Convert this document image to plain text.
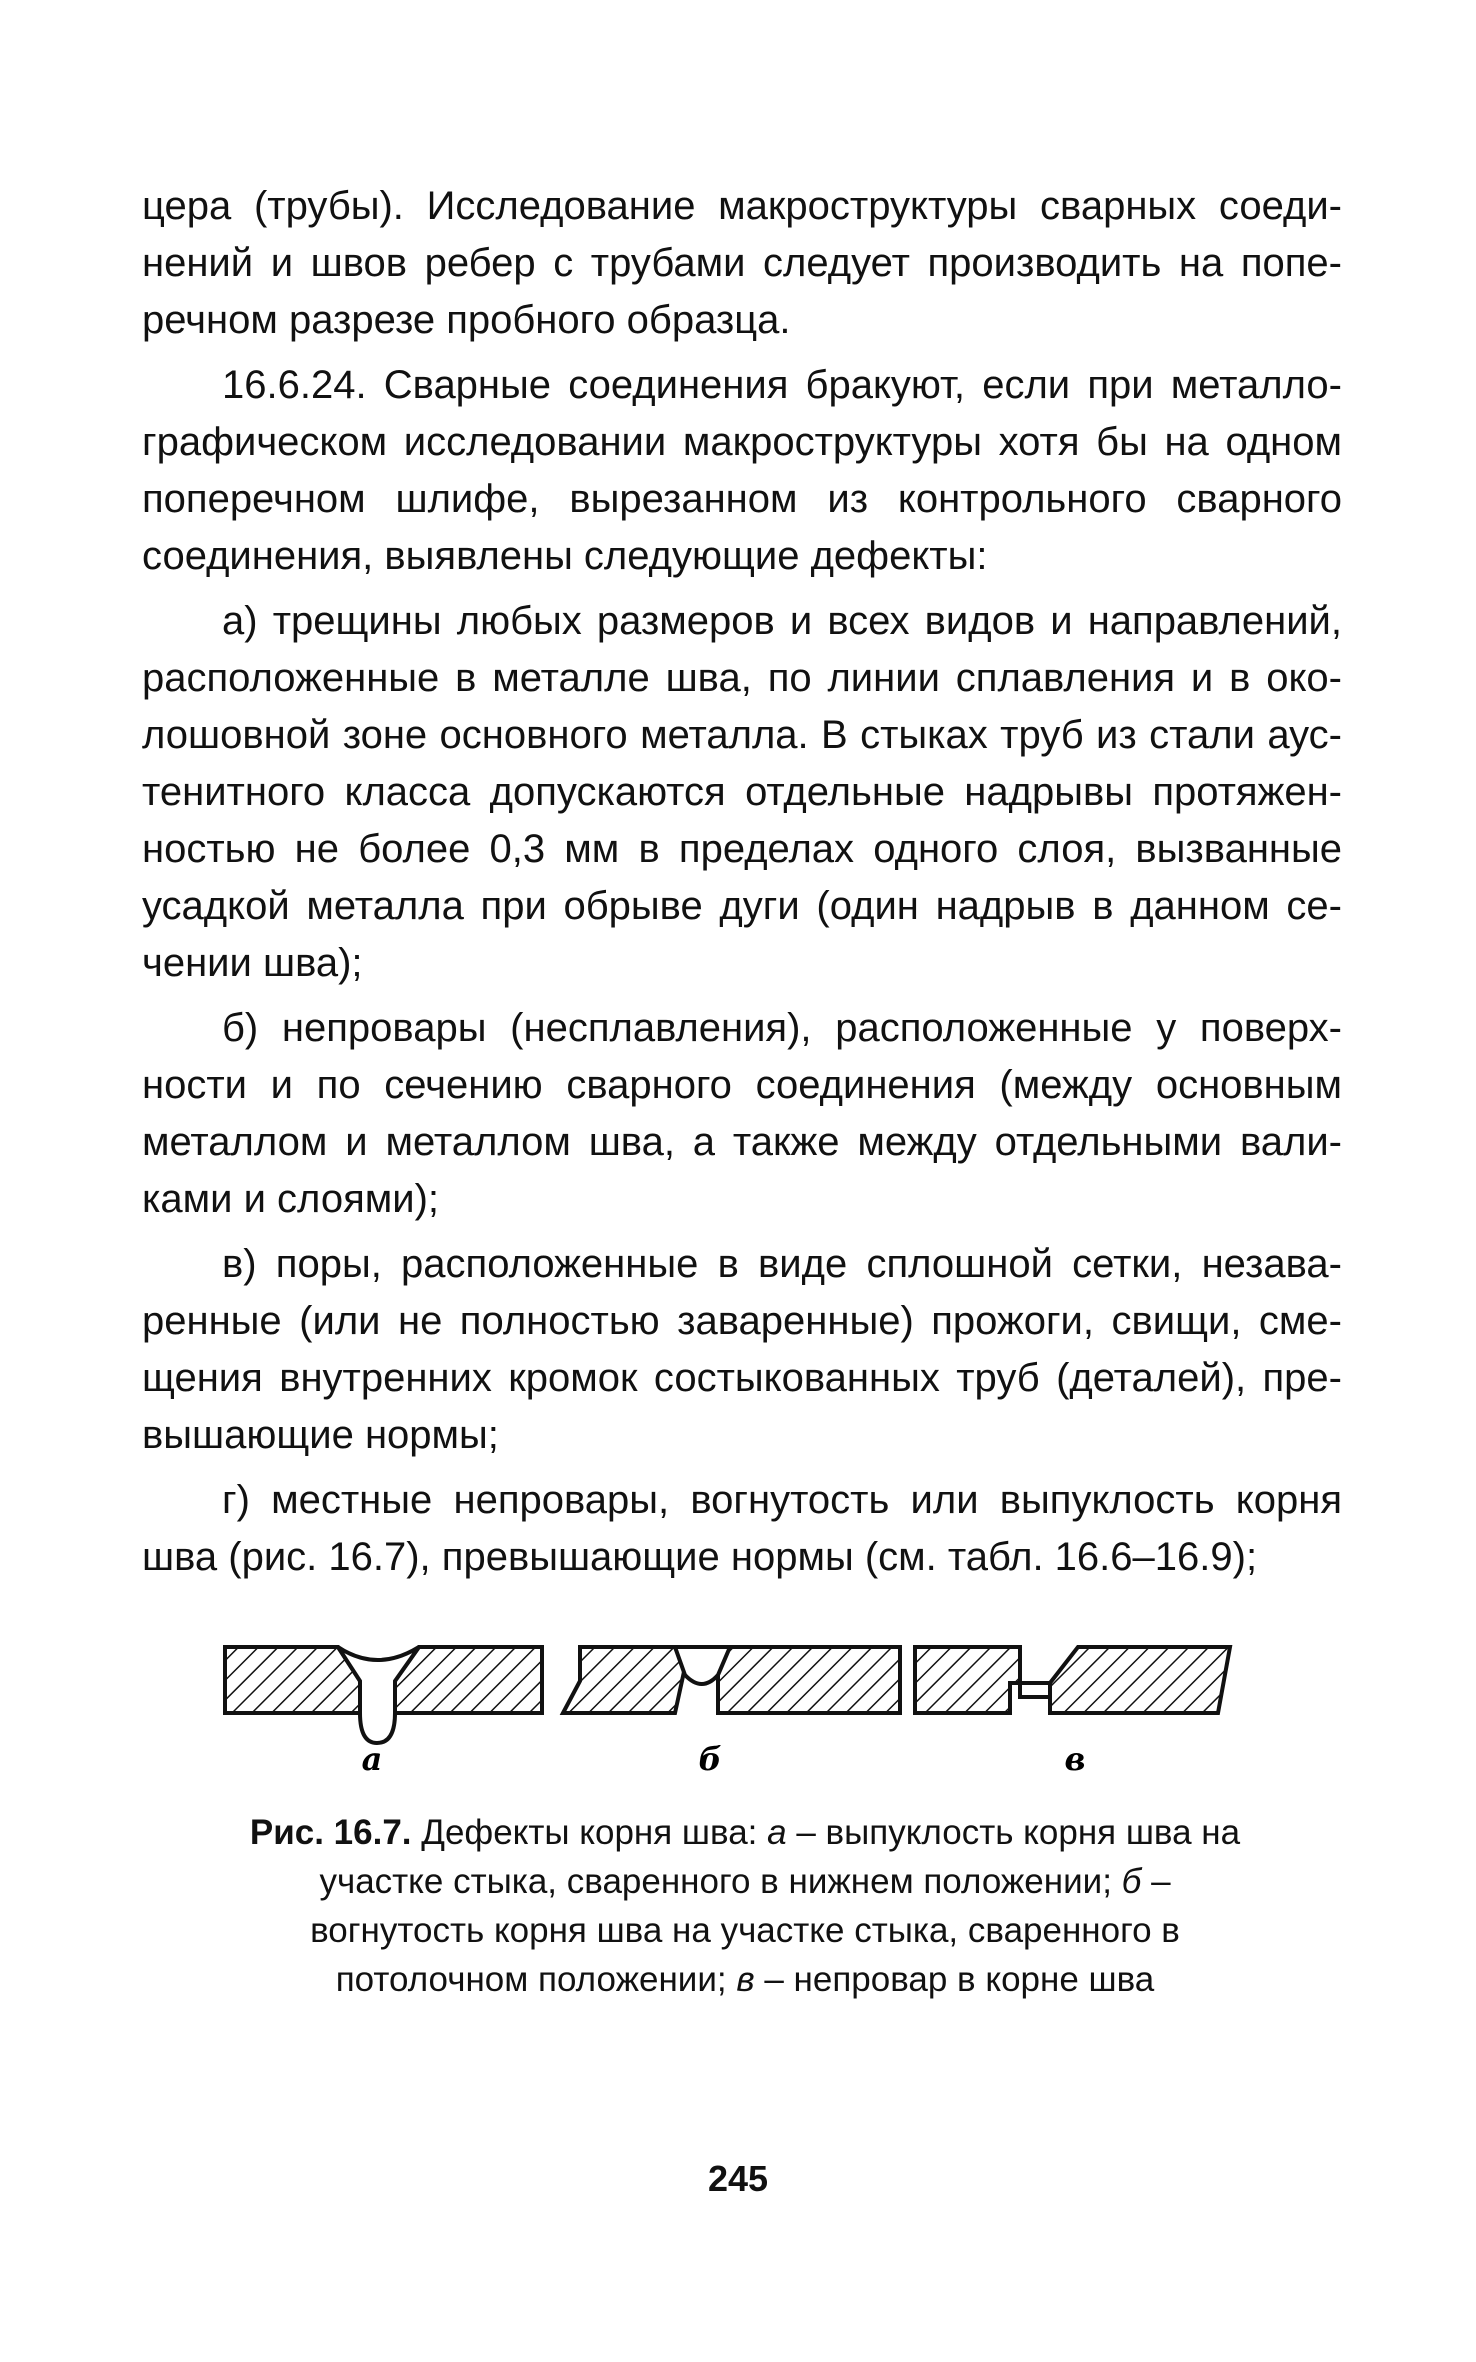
цера (трубы). Исследование макроструктуры сварных соединений и швов ребер с трубами следует производить на поперечном разрезе пробного образца.

16.6.24. Сварные соединения бракуют, если при металлографическом исследовании макроструктуры хотя бы на одном поперечном шлифе, вырезанном из контрольного сварного соединения, выявлены следующие дефекты:

а) трещины любых размеров и всех видов и направлений, расположенные в металле шва, по линии сплавления и в околошовной зоне основного металла. В стыках труб из стали аустенитного класса допускаются отдельные надрывы протяженностью не более 0,3 мм в пределах одного слоя, вызванные усадкой металла при обрыве дуги (один надрыв в данном сечении шва);

б) непровары (несплавления), расположенные у поверхности и по сечению сварного соединения (между основным металлом и металлом шва, а также между отдельными валиками и слоями);

в) поры, расположенные в виде сплошной сетки, незаваренные (или не полностью заваренные) прожоги, свищи, смещения внутренних кромок состыкованных труб (деталей), превышающие нормы;

г) местные непровары, вогнутость или выпуклость корня шва (рис. 16.7), превышающие нормы (см. табл. 16.6–16.9);

а	б	в
Рис. 16.7. Дефекты корня шва: а – выпуклость корня шва на участке стыка, сваренного в нижнем положении; б – вогнутость корня шва на участке стыка, сваренного в потолочном положении; в – непровар в корне шва
245
